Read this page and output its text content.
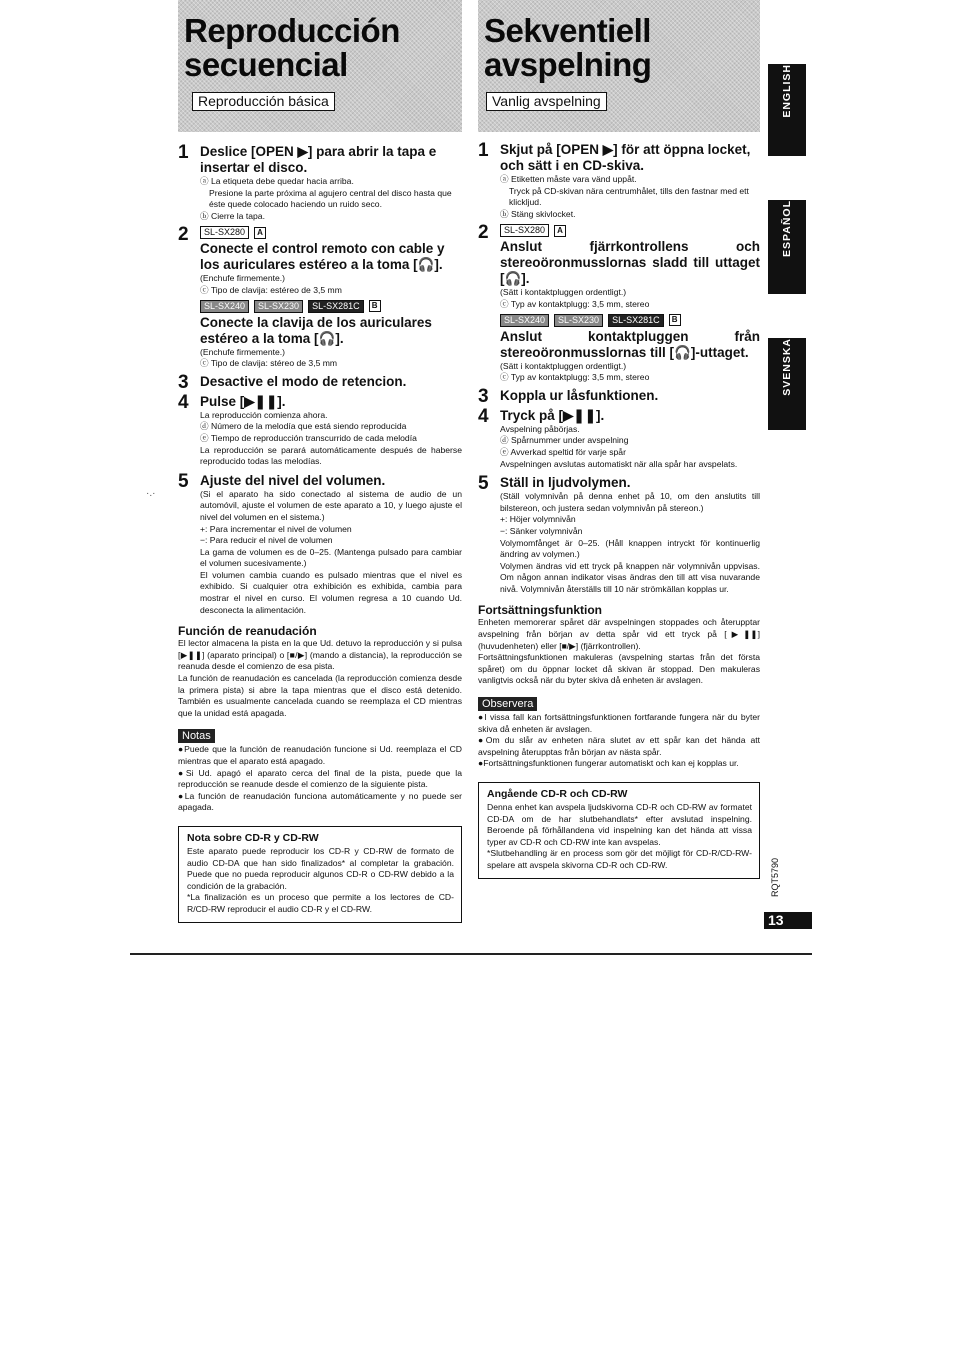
Reproducción secuencial
Reproducción básica
1 Deslice [OPEN ▶] para abrir la tapa e insertar el disco.
ⓐ La etiqueta debe quedar hacia arriba.
Presione la parte próxima al agujero central del disco hasta que éste quede colocado haciendo un ruido seco.
ⓑ Cierre la tapa.
2	SL-SX280	A
Conecte el control remoto con cable y los auriculares estéreo a la toma [🎧].
(Enchufe firmemente.)
ⓒ Tipo de clavija: estéreo de 3,5 mm
SL-SX240	SL-SX230	SL-SX281C	B
Conecte la clavija de los auriculares estéreo a la toma [🎧].
(Enchufe firmemente.)
ⓒ Tipo de clavija: stéreo de 3,5 mm
3 Desactive el modo de retencion.
4 Pulse [▶❚❚].
La reproducción comienza ahora.
ⓓ Número de la melodía que está siendo reproducida
ⓔ Tiempo de reproducción transcurrido de cada melodía
La reproducción se parará automáticamente después de haberse reproducido todas las melodías.
5 Ajuste del nivel del volumen.
(Si el aparato ha sido conectado al sistema de audio de un automóvil, ajuste el volumen de este aparato a 10, y luego ajuste el nivel del volumen en el sistema.)
+: Para incrementar el nivel de volumen
−: Para reducir el nivel de volumen
La gama de volumen es de 0–25. (Mantenga pulsado para cambiar el volumen sucesivamente.)
El volumen cambia cuando es pulsado mientras que el nivel es exhibido. Si cualquier otra exhibición es exhibida, cambia para mostrar el nivel en curso. El volumen regresa a 10 cuando Ud. desconecta la alimentación.
Función de reanudación
El lector almacena la pista en la que Ud. detuvo la reproducción y si pulsa [▶❚❚] (aparato principal) o [■/▶] (mando a distancia), la reproducción se reanuda desde el comienzo de esa pista.
La función de reanudación es cancelada (la reproducción comienza desde la primera pista) si abre la tapa mientras que el disco está detenido. También es usualmente cancelada cuando se reemplaza el CD mientras que la unidad está apagada.
Notas
●Puede que la función de reanudación funcione si Ud. reemplaza el CD mientras que el aparato está apagado.
●Si Ud. apagó el aparato cerca del final de la pista, puede que la reproducción se reanude desde el comienzo de la siguiente pista.
●La función de reanudación funciona automáticamente y no puede ser apagada.
Nota sobre CD-R y CD-RW
Este aparato puede reproducir los CD-R y CD-RW de formato de audio CD-DA que han sido finalizados* al completar la grabación. Puede que no pueda reproducir algunos CD-R o CD-RW debido a la condición de la grabación.
*La finalización es un proceso que permite a los lectores de CD-R/CD-RW reproducir el audio CD-R y el CD-RW.
Sekventiell avspelning
Vanlig avspelning
1 Skjut på [OPEN ▶] för att öppna locket, och sätt i en CD-skiva.
ⓐ Etiketten måste vara vänd uppåt.
Tryck på CD-skivan nära centrumhålet, tills den fastnar med ett klickljud.
ⓑ Stäng skivlocket.
2	SL-SX280	A
Anslut fjärrkontrollens och stereoöronmusslornas sladd till uttaget [🎧].
(Sätt i kontaktpluggen ordentligt.)
ⓒ Typ av kontaktplugg: 3,5 mm, stereo
SL-SX240	SL-SX230	SL-SX281C	B
Anslut kontaktpluggen från stereoöronmusslornas till [🎧]-uttaget.
(Sätt i kontaktpluggen ordentligt.)
ⓒ Typ av kontaktplugg: 3,5 mm, stereo
3 Koppla ur låsfunktionen.
4 Tryck på [▶❚❚].
Avspelning påbörjas.
ⓓ Spårnummer under avspelning
ⓔ Avverkad speltid för varje spår
Avspelningen avslutas automatiskt när alla spår har avspelats.
5 Ställ in ljudvolymen.
(Ställ volymnivån på denna enhet på 10, om den anslutits till bilstereon, och justera sedan volymnivån på stereon.)
+: Höjer volymnivån
−: Sänker volymnivån
Volymomfånget är 0–25. (Håll knappen intryckt för kontinuerlig ändring av volymen.)
Volymen ändras vid ett tryck på knappen när volymnivån uppvisas. Om någon annan indikator visas ändras den till att visa nuvarande nivå. Volymnivån återställs till 10 när strömkällan kopplas ur.
Fortsättningsfunktion
Enheten memorerar spåret där avspelningen stoppades och återupptar avspelning från början av detta spår vid ett tryck på [▶❚❚] (huvudenheten) eller [■/▶] (fjärrkontrollen).
Fortsättningsfunktionen makuleras (avspelning startas från det första spåret) om du öppnar locket då skivan är stoppad. Den makuleras vanligtvis också när du byter skiva då enheten är avslagen.
Observera
●I vissa fall kan fortsättningsfunktionen fortfarande fungera när du byter skiva då enheten är avslagen.
●Om du slår av enheten nära slutet av ett spår kan det hända att avspelning återupptas från början av nästa spår.
●Fortsättningsfunktionen fungerar automatiskt och kan ej kopplas ur.
Angående CD-R och CD-RW
Denna enhet kan avspela ljudskivorna CD-R och CD-RW av formatet CD-DA om de har slutbehandlats* efter avslutad inspelning. Beroende på förhållandena vid inspelning kan det hända att vissa typer av CD-R och CD-RW inte kan avspelas.
*Slutbehandling är en process som gör det möjligt för CD-R/CD-RW-spelare att avspela skivorna CD-R och CD-RW.
ENGLISH
ESPAÑOL
SVENSKA
RQT5790
13
·.·
